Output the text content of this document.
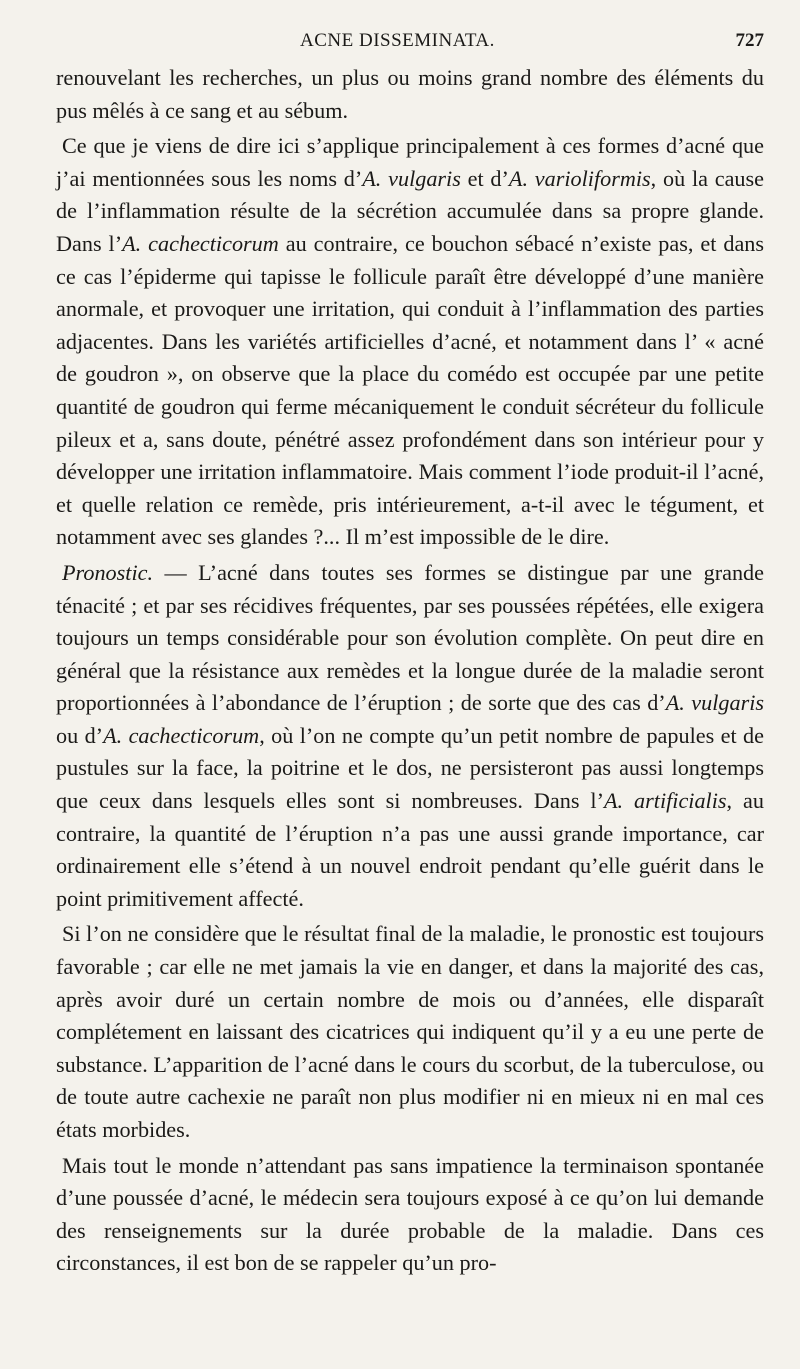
ACNE DISSEMINATA.	727

renouvelant les recherches, un plus ou moins grand nombre des éléments du pus mêlés à ce sang et au sébum.

Ce que je viens de dire ici s’applique principalement à ces formes d’acné que j’ai mentionnées sous les noms d’A. vulgaris et d’A. varioliformis, où la cause de l’inflammation résulte de la sécrétion accumulée dans sa propre glande. Dans l’A. cachecticorum au contraire, ce bouchon sébacé n’existe pas, et dans ce cas l’épiderme qui tapisse le follicule paraît être développé d’une manière anormale, et provoquer une irritation, qui conduit à l’inflammation des parties adjacentes. Dans les variétés artificielles d’acné, et notamment dans l’ « acné de goudron », on observe que la place du comédo est occupée par une petite quantité de goudron qui ferme mécaniquement le conduit sécréteur du follicule pileux et a, sans doute, pénétré assez profondément dans son intérieur pour y développer une irritation inflammatoire. Mais comment l’iode produit-il l’acné, et quelle relation ce remède, pris intérieurement, a-t-il avec le tégument, et notamment avec ses glandes ?... Il m’est impossible de le dire.

Pronostic. — L’acné dans toutes ses formes se distingue par une grande ténacité ; et par ses récidives fréquentes, par ses poussées répétées, elle exigera toujours un temps considérable pour son évolution complète. On peut dire en général que la résistance aux remèdes et la longue durée de la maladie seront proportionnées à l’abondance de l’éruption ; de sorte que des cas d’A. vulgaris ou d’A. cachecticorum, où l’on ne compte qu’un petit nombre de papules et de pustules sur la face, la poitrine et le dos, ne persisteront pas aussi longtemps que ceux dans lesquels elles sont si nombreuses. Dans l’A. artificialis, au contraire, la quantité de l’éruption n’a pas une aussi grande importance, car ordinairement elle s’étend à un nouvel endroit pendant qu’elle guérit dans le point primitivement affecté.

Si l’on ne considère que le résultat final de la maladie, le pronostic est toujours favorable ; car elle ne met jamais la vie en danger, et dans la majorité des cas, après avoir duré un certain nombre de mois ou d’années, elle disparaît complétement en laissant des cicatrices qui indiquent qu’il y a eu une perte de substance. L’apparition de l’acné dans le cours du scorbut, de la tuberculose, ou de toute autre cachexie ne paraît non plus modifier ni en mieux ni en mal ces états morbides.

Mais tout le monde n’attendant pas sans impatience la terminaison spontanée d’une poussée d’acné, le médecin sera toujours exposé à ce qu’on lui demande des renseignements sur la durée probable de la maladie. Dans ces circonstances, il est bon de se rappeler qu’un pro-
